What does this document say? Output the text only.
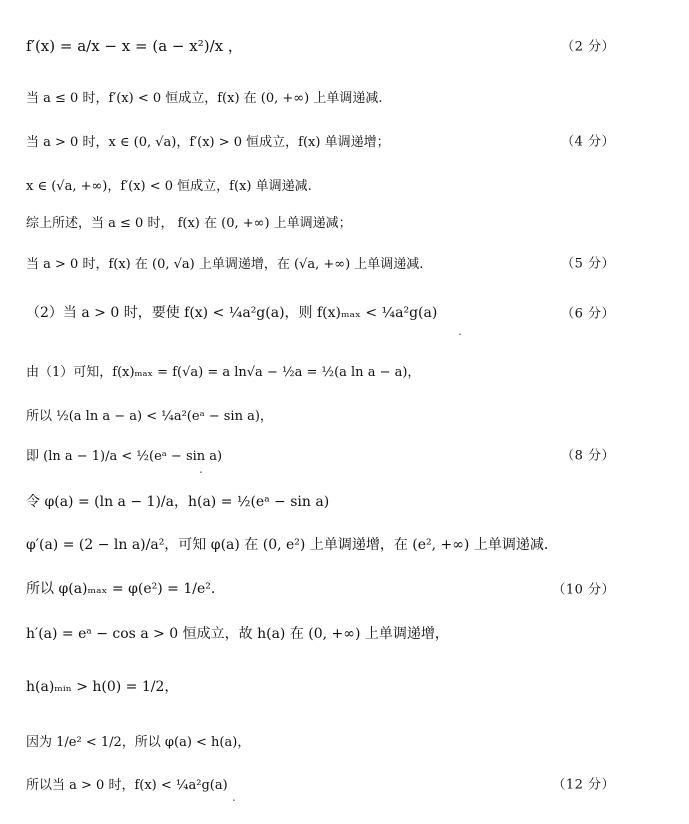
f′(x) = a/x − x = (a − x²)/x ，	（2 分）
当 a ≤ 0 时，f′(x) < 0 恒成立，f(x) 在 (0, +∞) 上单调递减.
当 a > 0 时，x ∈ (0, √a)，f′(x) > 0 恒成立，f(x) 单调递增；	（4 分）
x ∈ (√a, +∞)，f′(x) < 0 恒成立，f(x) 单调递减.
综上所述，当 a ≤ 0 时， f(x) 在 (0, +∞) 上单调递减；
当 a > 0 时，f(x) 在 (0, √a) 上单调递增，在 (√a, +∞) 上单调递减.	（5 分）
（2）当 a > 0 时，要使 f(x) < ¼a²g(a)，则 f(x)ₘₐₓ < ¼a²g(a)	（6 分）
.
由（1）可知，f(x)ₘₐₓ = f(√a) = a ln√a − ½a = ½(a ln a − a)，
所以 ½(a ln a − a) < ¼a²(eᵃ − sin a)，
即 (ln a − 1)/a < ½(eᵃ − sin a)	（8 分）
.
令 φ(a) = (ln a − 1)/a，h(a) = ½(eᵃ − sin a)
φ′(a) = (2 − ln a)/a²，可知 φ(a) 在 (0, e²) 上单调递增，在 (e², +∞) 上单调递减.
所以 φ(a)ₘₐₓ = φ(e²) = 1/e².	（10 分）
h′(a) = eᵃ − cos a > 0 恒成立，故 h(a) 在 (0, +∞) 上单调递增，
h(a)ₘᵢₙ > h(0) = 1/2，
因为 1/e² < 1/2，所以 φ(a) < h(a)，
所以当 a > 0 时，f(x) < ¼a²g(a)	（12 分）
.
